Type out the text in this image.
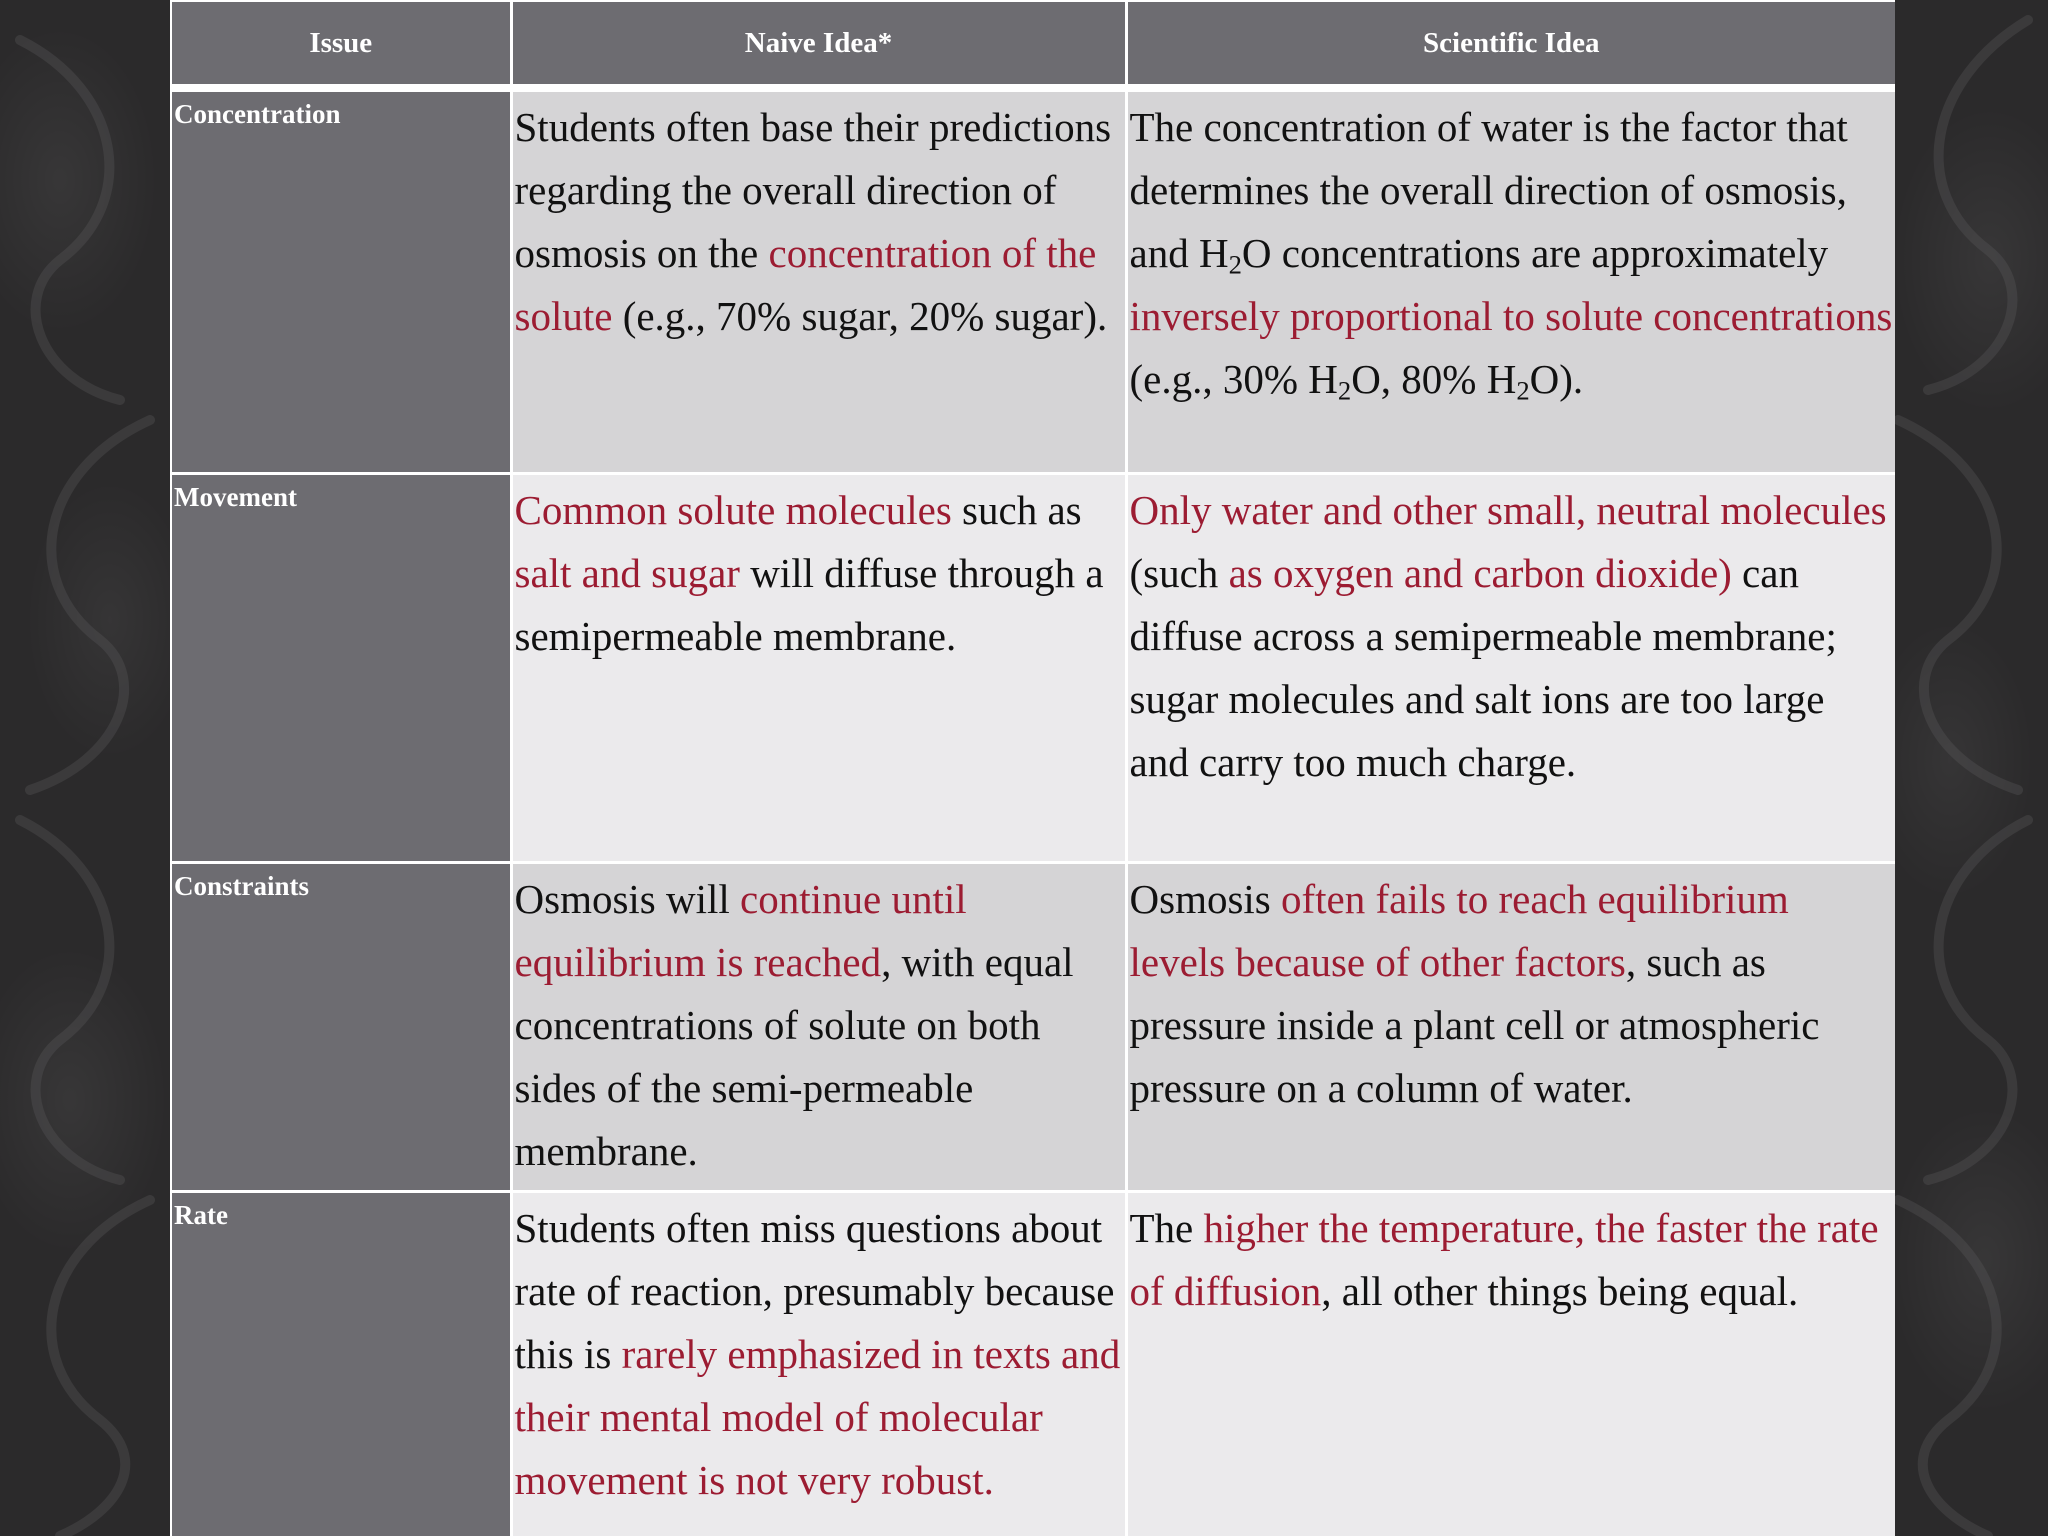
Issue	Naive Idea*	Scientific Idea
Concentration	Students often base their predictions regarding the overall direction of osmosis on the concentration of the solute (e.g., 70% sugar, 20% sugar).	The concentration of water is the factor that determines the overall direction of osmosis, and $H_2O$ concentrations are approximately inversely proportional to solute concentrations (e.g., 30% $H_2O$, 80% $H_2O$).
Movement	Common solute molecules such as salt and sugar will diffuse through a semipermeable membrane.	Only water and other small, neutral molecules (such as oxygen and carbon dioxide) can diffuse across a semipermeable membrane; sugar molecules and salt ions are too large and carry too much charge.
Constraints	Osmosis will continue until equilibrium is reached, with equal concentrations of solute on both sides of the semi-permeable membrane.	Osmosis often fails to reach equilibrium levels because of other factors, such as pressure inside a plant cell or atmospheric pressure on a column of water.
Rate	Students often miss questions about rate of reaction, presumably because this is rarely emphasized in texts and their mental model of molecular movement is not very robust.	The higher the temperature, the faster the rate of diffusion, all other things being equal.
